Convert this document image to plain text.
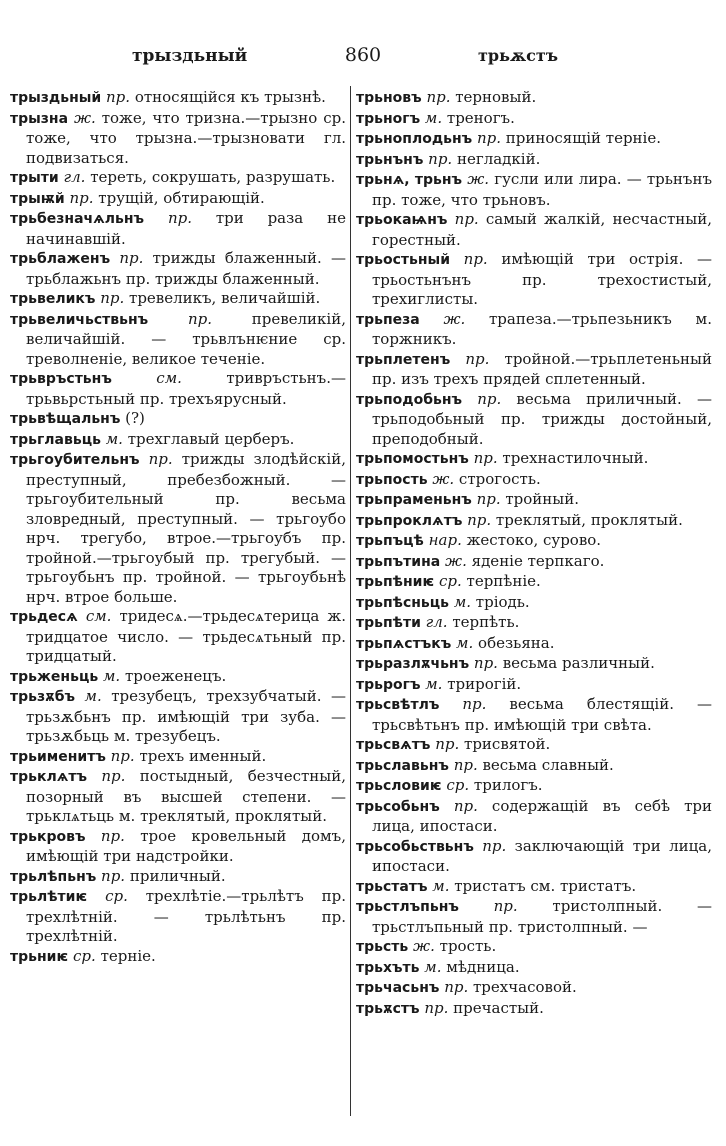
трыздьный	860	трьѫстъ

трыздьный пр. относящійся къ трызнѣ.

трызна ж. тоже, что тризна.—трызно ср. тоже, что трызна.—трызновати гл. подвизаться.

трыти гл. тереть, сокрушать, разрушать.

трыѭй пр. трущій, обтирающій.

трьбезначѧльнъ пр. три раза не начинавшій.

трьблаженъ пр. трижды блаженный. —трьблажьнъ пр. трижды блаженный.

трьвеликъ пр. тревеликъ, величайшій.

трьвеличьствьнъ	пр. превеликій, величайшій. — трьвлънѥние ср. треволненіе, великое теченіе.

трьвръстьнъ	см. тривръстьнъ.— трьвьрстьный пр. трехъярусный.

трьвѣщальнъ (?)

трьглавьць м. трехглавый церберъ.

трьгоубительнъ пр. трижды злодѣйскій, преступный, пребезбожный. —трьгоубительный пр. весьма зловредный, преступный. — трьгоубо нрч. трегубо, втрое.—трьгоубъ пр. тройной.—трьгоубый пр. трегубый. — трьгоубьнъ пр. тройной. — трьгоубьнѣ нрч. втрое больше.

трьдесѧ см. тридесѧ.—трьдесѧтерица ж. тридцатое число. — трьдесѧтьный пр. тридцатый.

трьженьць м. троеженецъ.

трьзѫбъ м. трезубецъ, трехзубчатый. —трьзѫбьнъ пр. имѣющій три зуба. —трьзѫбьць м. трезубецъ.

трьименитъ пр. трехъ именный.

трьклѧтъ пр. постыдный, безчестный, позорный въ высшей степени. — трьклѧтьць м. треклятый, проклятый.

трькровъ пр. трое кровельный домъ, имѣющій три надстройки.

трьлѣпьнъ пр. приличный.

трьлѣтиѥ ср. трехлѣтіе.—трьлѣтъ пр. трехлѣтній. — трьлѣтьнъ пр. трехлѣтній.

трьниѥ ср. терніе.

трьновъ пр. терновый.

трьногъ м. треногъ.

трьноплодьнъ пр. приносящій терніе.

трьнънъ пр. негладкій.

трьнѧ, трьнъ ж. гусли или лира. — трьнънъ пр. тоже, что трьновъ.

трьокаѩнъ пр. самый жалкій, несчастный, горестный.

трьостьный пр. имѣющій три острія. — трьостьнънъ пр. трехостистый, трехиглисты.

трьпеза ж. трапеза.—трьпезьникъ м. торжникъ.

трьплетенъ пр. тройной.—трьплетеньный пр. изъ трехъ прядей сплетенный.

трьподобьнъ пр. весьма приличный. —трьподобьный пр. трижды достойный, преподобный.

трьпомостьнъ пр. трехнастилочный.

трьпость ж. строгость.

трьпраменьнъ пр. тройный.

трьпроклѧтъ пр. треклятый, проклятый.

трьпъцѣ нар. жестоко, сурово.

трьпътина ж. яденіе терпкаго.

трьпѣниѥ ср. терпѣніе.

трьпѣсньць м. тріодь.

трьпѣти гл. терпѣть.

трьпѧстъкъ м. обезьяна.

трьразлѫчьнъ пр. весьма различный.

трьрогъ м. трирогій.

трьсвѣтлъ пр. весьма блестящій. — трьсвѣтьнъ пр. имѣющій три свѣта.

трьсвѧтъ пр. трисвятой.

трьславьнъ пр. весьма славный.

трьсловиѥ ср. трилогъ.

трьсобьнъ пр. содержащій въ себѣ три лица, ипостаси.

трьсобьствьнъ пр. заключающій три лица, ипостаси.

трьстатъ м. тристатъ см. тристатъ.

трьстлъпьнъ пр. тристолпный. — трьстлъпьный пр. тристолпный. —

трьсть ж. трость.

трьхъть м. мѣдница.

трьчасьнъ пр. трехчасовой.

трьѫстъ пр. пречастый.
